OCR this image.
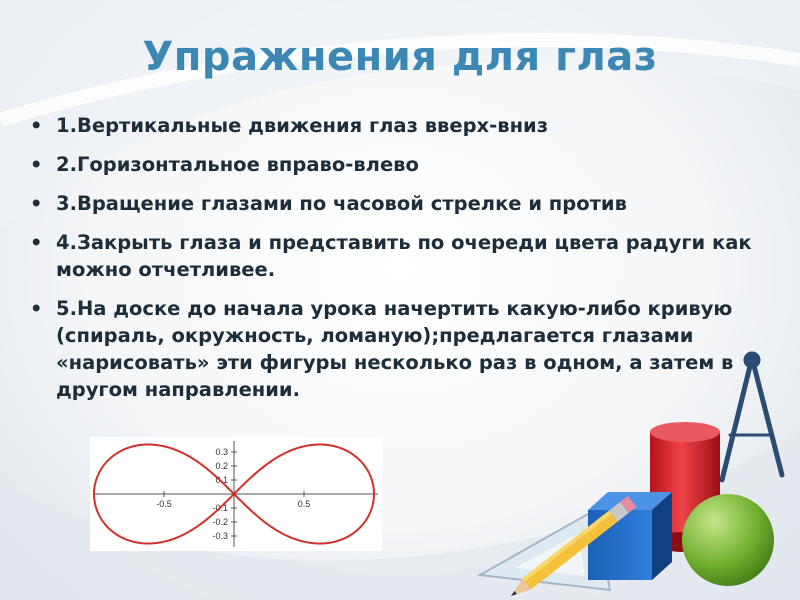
Упражнения для глаз
• 1.Вертикальные движения глаз вверх-вниз
• 2.Горизонтальное вправо-влево
• 3.Вращение глазами по часовой стрелке и против
• 4.Закрыть глаза и представить по очереди цвета радуги как можно отчетливее.
• 5.На доске до начала урока начертить какую-либо кривую (спираль, окружность, ломаную);предлагается глазами «нарисовать» эти фигуры несколько раз в одном, а затем в другом направлении.
-0.5	0.5
0.3
0.2
0.1
-0.1
-0.2
-0.3
